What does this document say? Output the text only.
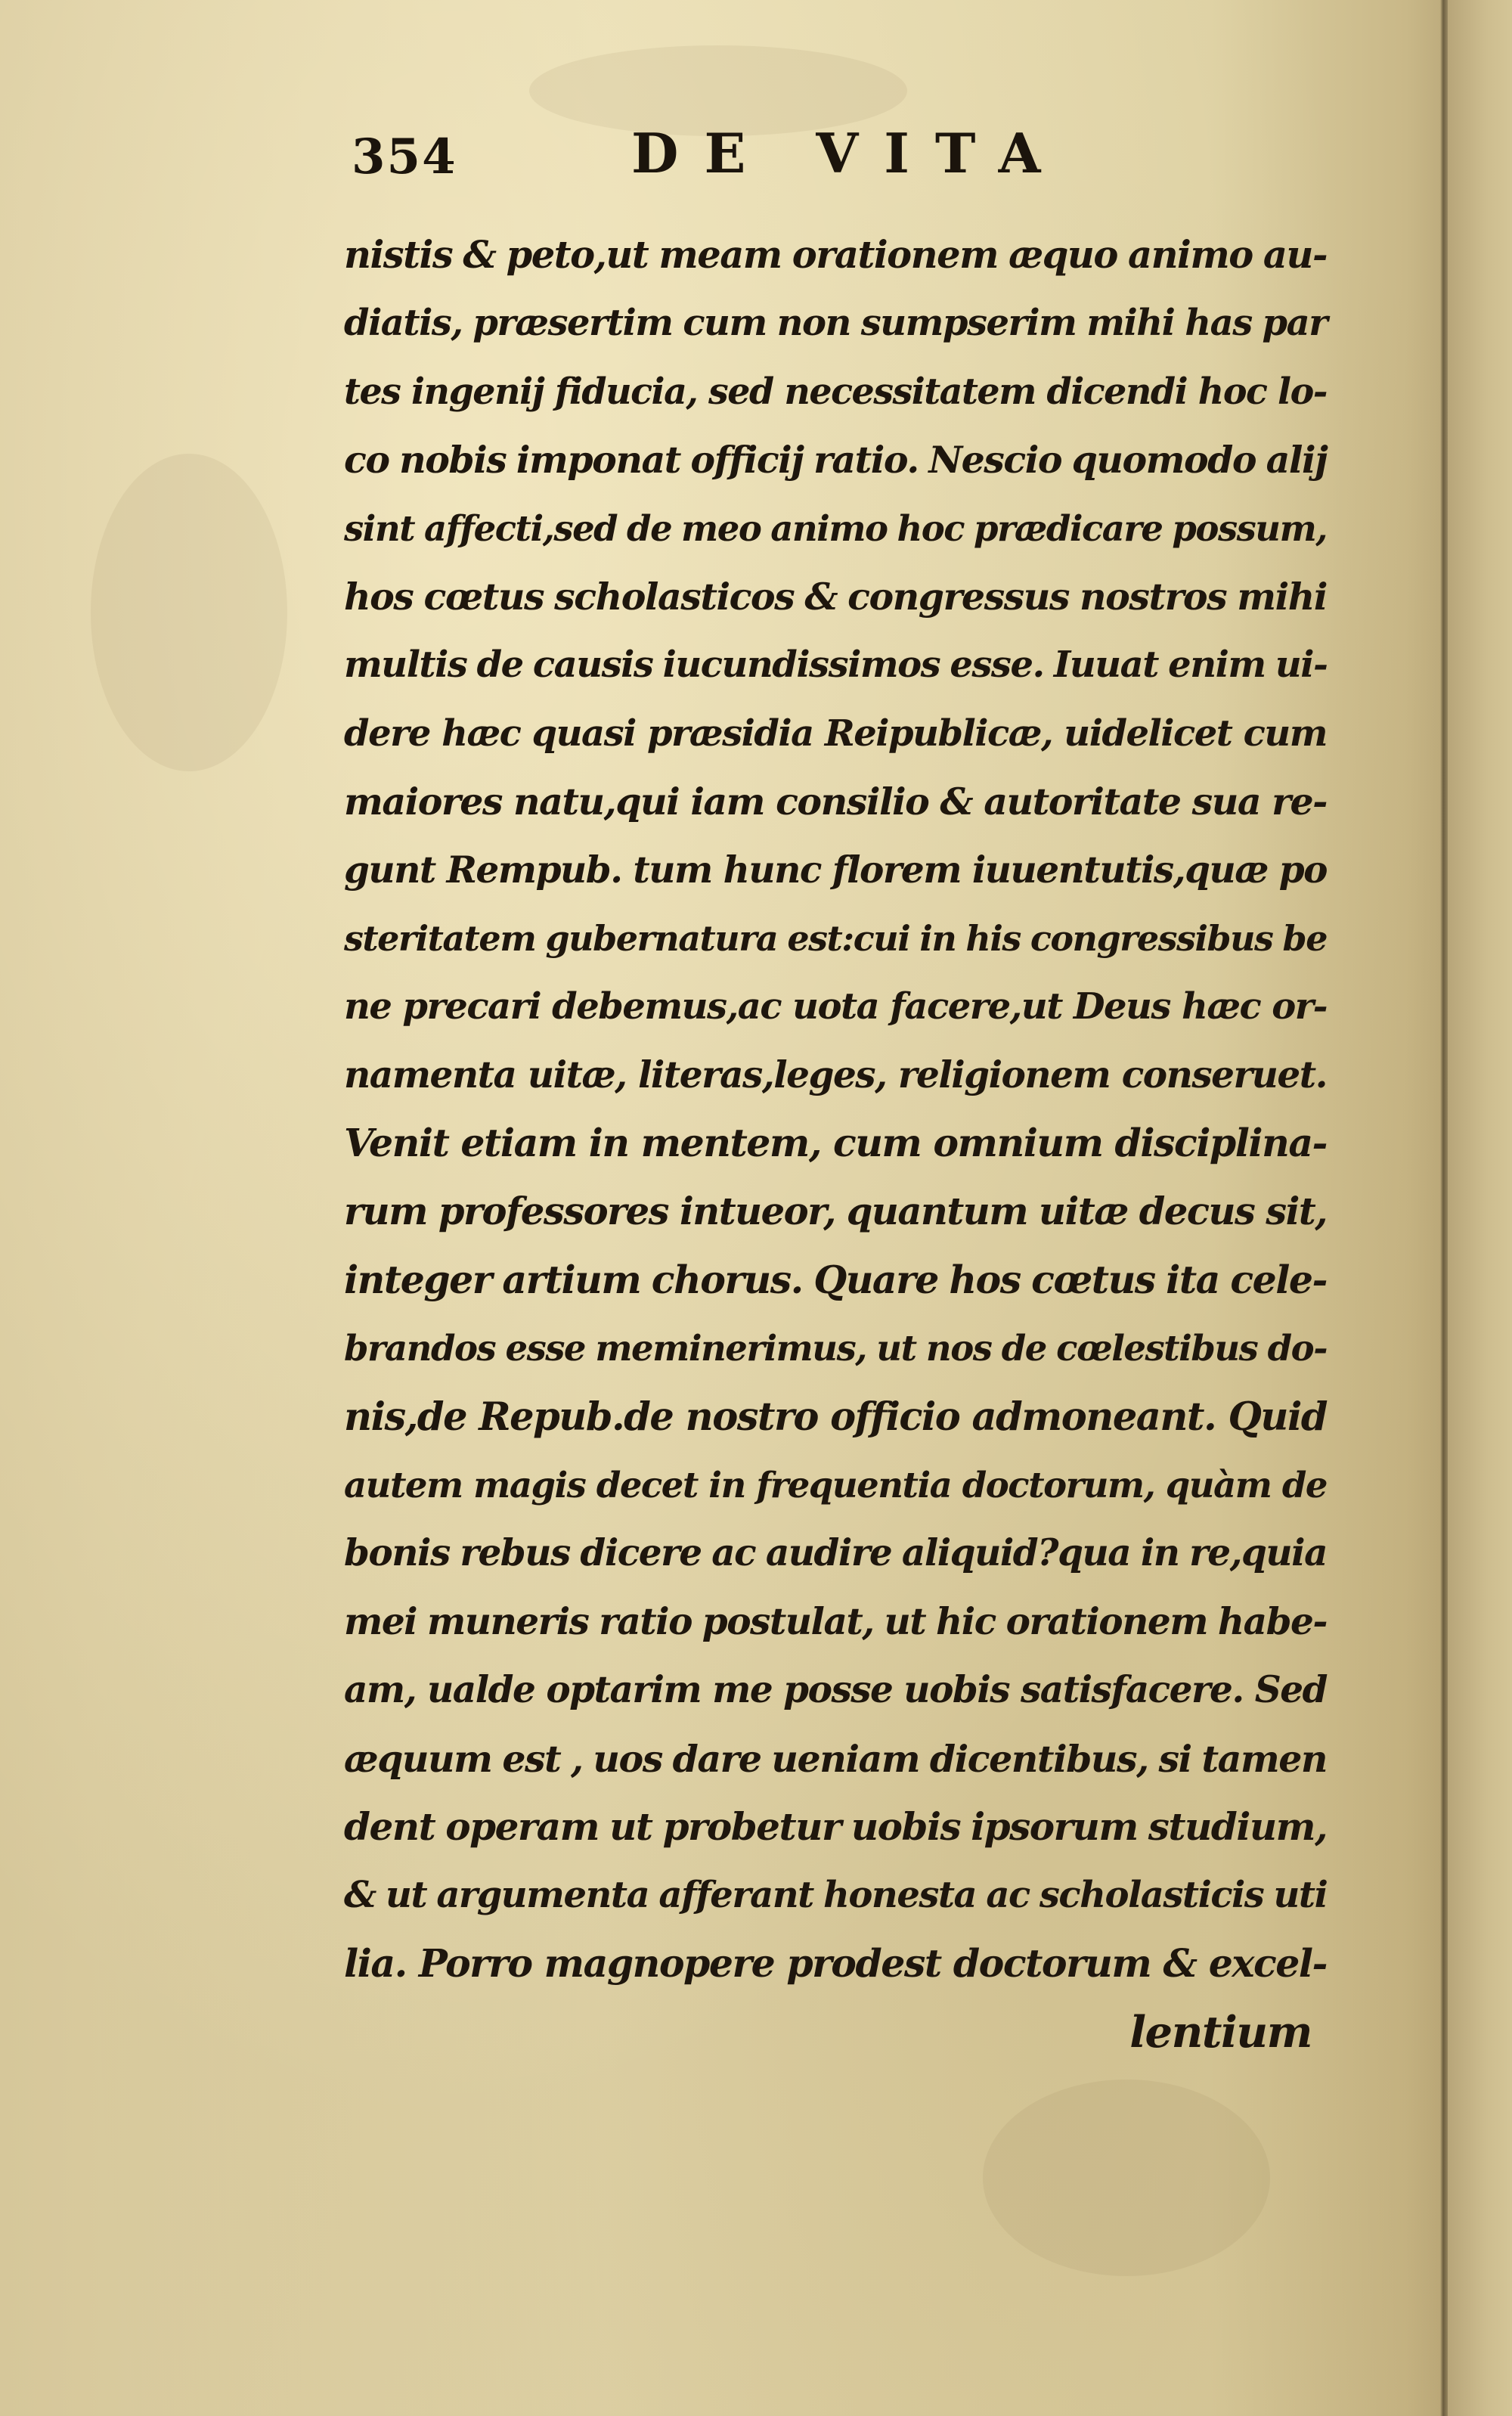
354	DE VITA
nistis & peto,ut meam orationem æquo animo au-
diatis, præsertim cum non sumpserim mihi has par
tes ingenij fiducia, sed necessitatem dicendi hoc lo-
co nobis imponat officij ratio. Nescio quomodo alij
sint affecti,sed de meo animo hoc prædicare possum,
hos cœtus scholasticos & congressus nostros mihi
multis de causis iucundissimos esse. Iuuat enim ui-
dere hæc quasi præsidia Reipublicæ, uidelicet cum
maiores natu,qui iam consilio & autoritate sua re-
gunt Rempub. tum hunc florem iuuentutis,quæ po
steritatem gubernatura est:cui in his congressibus be
ne precari debemus,ac uota facere,ut Deus hæc or-
namenta uitæ, literas,leges, religionem conseruet.
Venit etiam in mentem, cum omnium disciplina-
rum professores intueor, quantum uitæ decus sit,
integer artium chorus. Quare hos cœtus ita cele-
brandos esse meminerimus, ut nos de cœlestibus do-
nis,de Repub.de nostro officio admoneant. Quid
autem magis decet in frequentia doctorum, quàm de
bonis rebus dicere ac audire aliquid?qua in re,quia
mei muneris ratio postulat, ut hic orationem habe-
am, ualde optarim me posse uobis satisfacere. Sed
æquum est , uos dare ueniam dicentibus, si tamen
dent operam ut probetur uobis ipsorum studium,
& ut argumenta afferant honesta ac scholasticis uti
lia. Porro magnopere prodest doctorum & excel-
lentium
